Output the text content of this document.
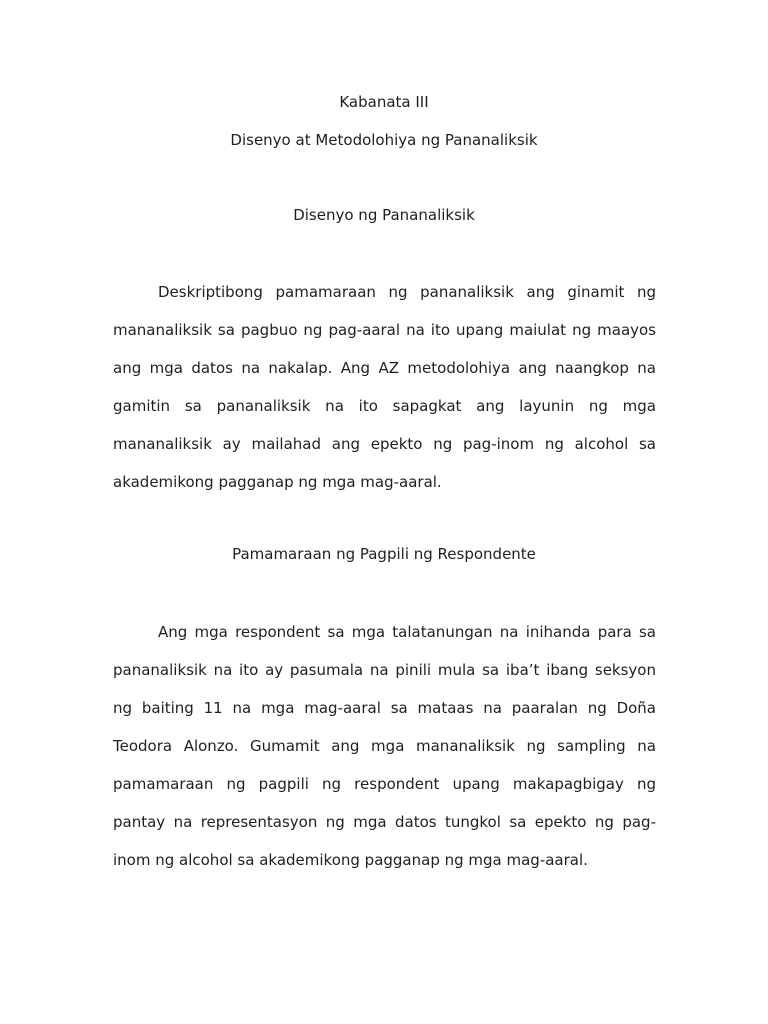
Kabanata III
Disenyo at Metodolohiya ng Pananaliksik
Disenyo ng Pananaliksik
Deskriptibong pamamaraan ng pananaliksik ang ginamit ng
mananaliksik sa pagbuo ng pag-aaral na ito upang maiulat ng maayos
ang mga datos na nakalap. Ang AZ metodolohiya ang naangkop na
gamitin sa pananaliksik na ito sapagkat ang layunin ng mga
mananaliksik ay mailahad ang epekto ng pag-inom ng alcohol sa
akademikong pagganap ng mga mag-aaral.
Pamamaraan ng Pagpili ng Respondente
Ang mga respondent sa mga talatanungan na inihanda para sa
pananaliksik na ito ay pasumala na pinili mula sa iba’t ibang seksyon
ng baiting 11 na mga mag-aaral sa mataas na paaralan ng Doña
Teodora Alonzo. Gumamit ang mga mananaliksik ng sampling na
pamamaraan ng pagpili ng respondent upang makapagbigay ng
pantay na representasyon ng mga datos tungkol sa epekto ng pag-
inom ng alcohol sa akademikong pagganap ng mga mag-aaral.
